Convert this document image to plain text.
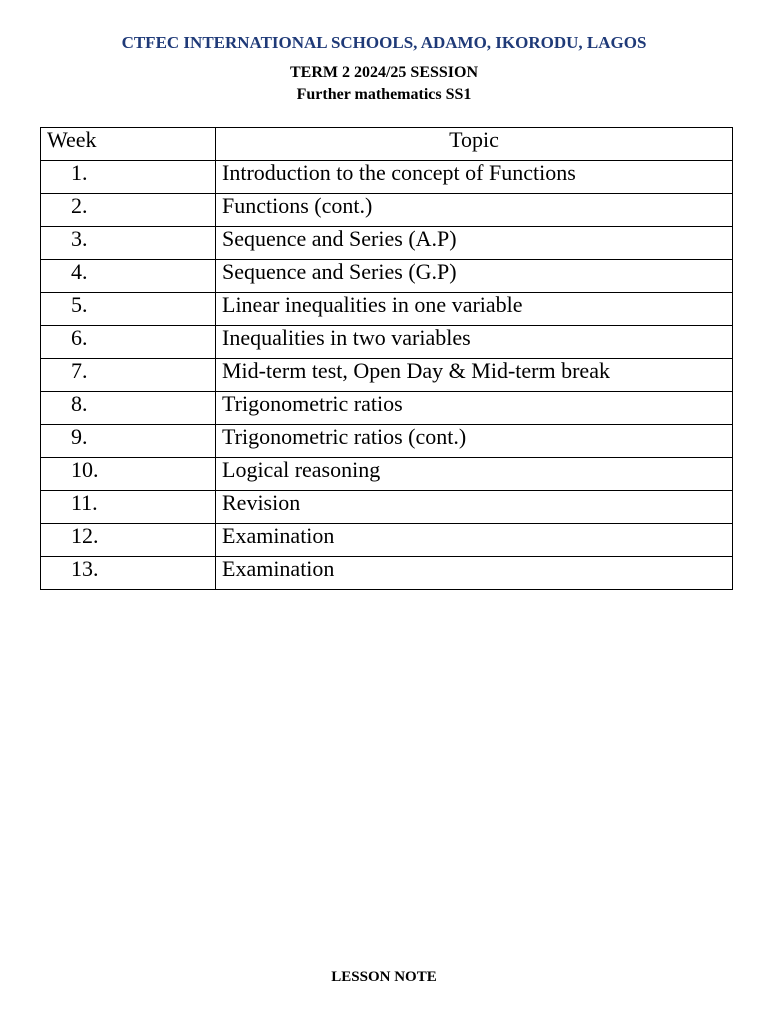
CTFEC INTERNATIONAL SCHOOLS, ADAMO, IKORODU, LAGOS
TERM 2 2024/25 SESSION
Further mathematics SS1
Week	Topic
1.	Introduction to the concept of Functions
2.	Functions (cont.)
3.	Sequence and Series (A.P)
4.	Sequence and Series (G.P)
5.	Linear inequalities in one variable
6.	Inequalities in two variables
7.	Mid-term test, Open Day & Mid-term break
8.	Trigonometric ratios
9.	Trigonometric ratios (cont.)
10.	Logical reasoning
11.	Revision
12.	Examination
13.	Examination
LESSON NOTE
